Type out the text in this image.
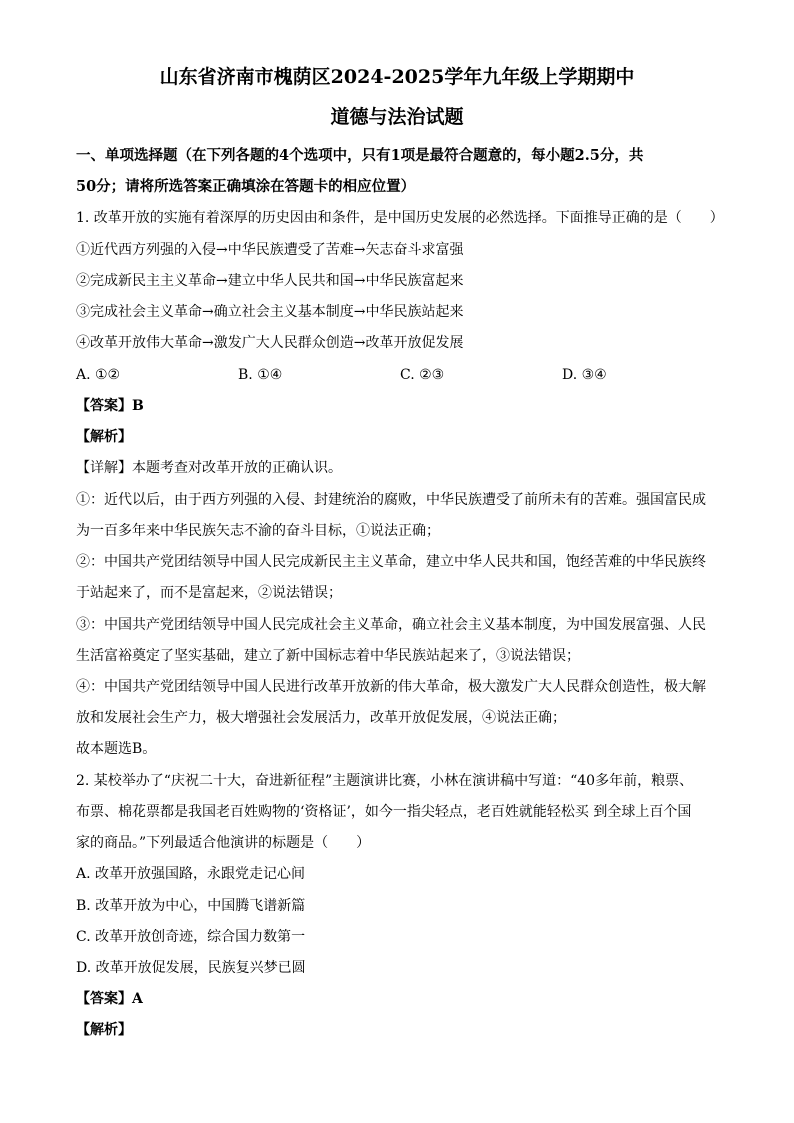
山东省济南市槐荫区2024-2025学年九年级上学期期中
道德与法治试题
一、单项选择题（在下列各题的4个选项中，只有1项是最符合题意的，每小题2.5分，共
50分；请将所选答案正确填涂在答题卡的相应位置）
1. 改革开放的实施有着深厚的历史因由和条件，是中国历史发展的必然选择。下面推导正确的是（　　）
①近代西方列强的入侵→中华民族遭受了苦难→矢志奋斗求富强
②完成新民主主义革命→建立中华人民共和国→中华民族富起来
③完成社会主义革命→确立社会主义基本制度→中华民族站起来
④改革开放伟大革命→激发广大人民群众创造→改革开放促发展
A. ①②	B. ①④	C. ②③	D. ③④
【答案】B
【解析】
【详解】本题考查对改革开放的正确认识。
①：近代以后，由于西方列强的入侵、封建统治的腐败，中华民族遭受了前所未有的苦难。强国富民成
为一百多年来中华民族矢志不渝的奋斗目标，①说法正确；
②：中国共产党团结领导中国人民完成新民主主义革命，建立中华人民共和国，饱经苦难的中华民族终
于站起来了，而不是富起来，②说法错误；
③：中国共产党团结领导中国人民完成社会主义革命，确立社会主义基本制度，为中国发展富强、人民
生活富裕奠定了坚实基础，建立了新中国标志着中华民族站起来了，③说法错误；
④：中国共产党团结领导中国人民进行改革开放新的伟大革命，极大激发广大人民群众创造性，极大解
放和发展社会生产力，极大增强社会发展活力，改革开放促发展，④说法正确；
故本题选B。
2. 某校举办了“庆祝二十大，奋进新征程”主题演讲比赛，小林在演讲稿中写道：“40多年前，粮票、
布票、棉花票都是我国老百姓购物的‘资格证’，如今一指尖轻点，老百姓就能轻松买 到全球上百个国
家的商品。”下列最适合他演讲的标题是（　　）
A. 改革开放强国路，永跟党走记心间
B. 改革开放为中心，中国腾飞谱新篇
C. 改革开放创奇迹，综合国力数第一
D. 改革开放促发展，民族复兴梦已圆
【答案】A
【解析】
